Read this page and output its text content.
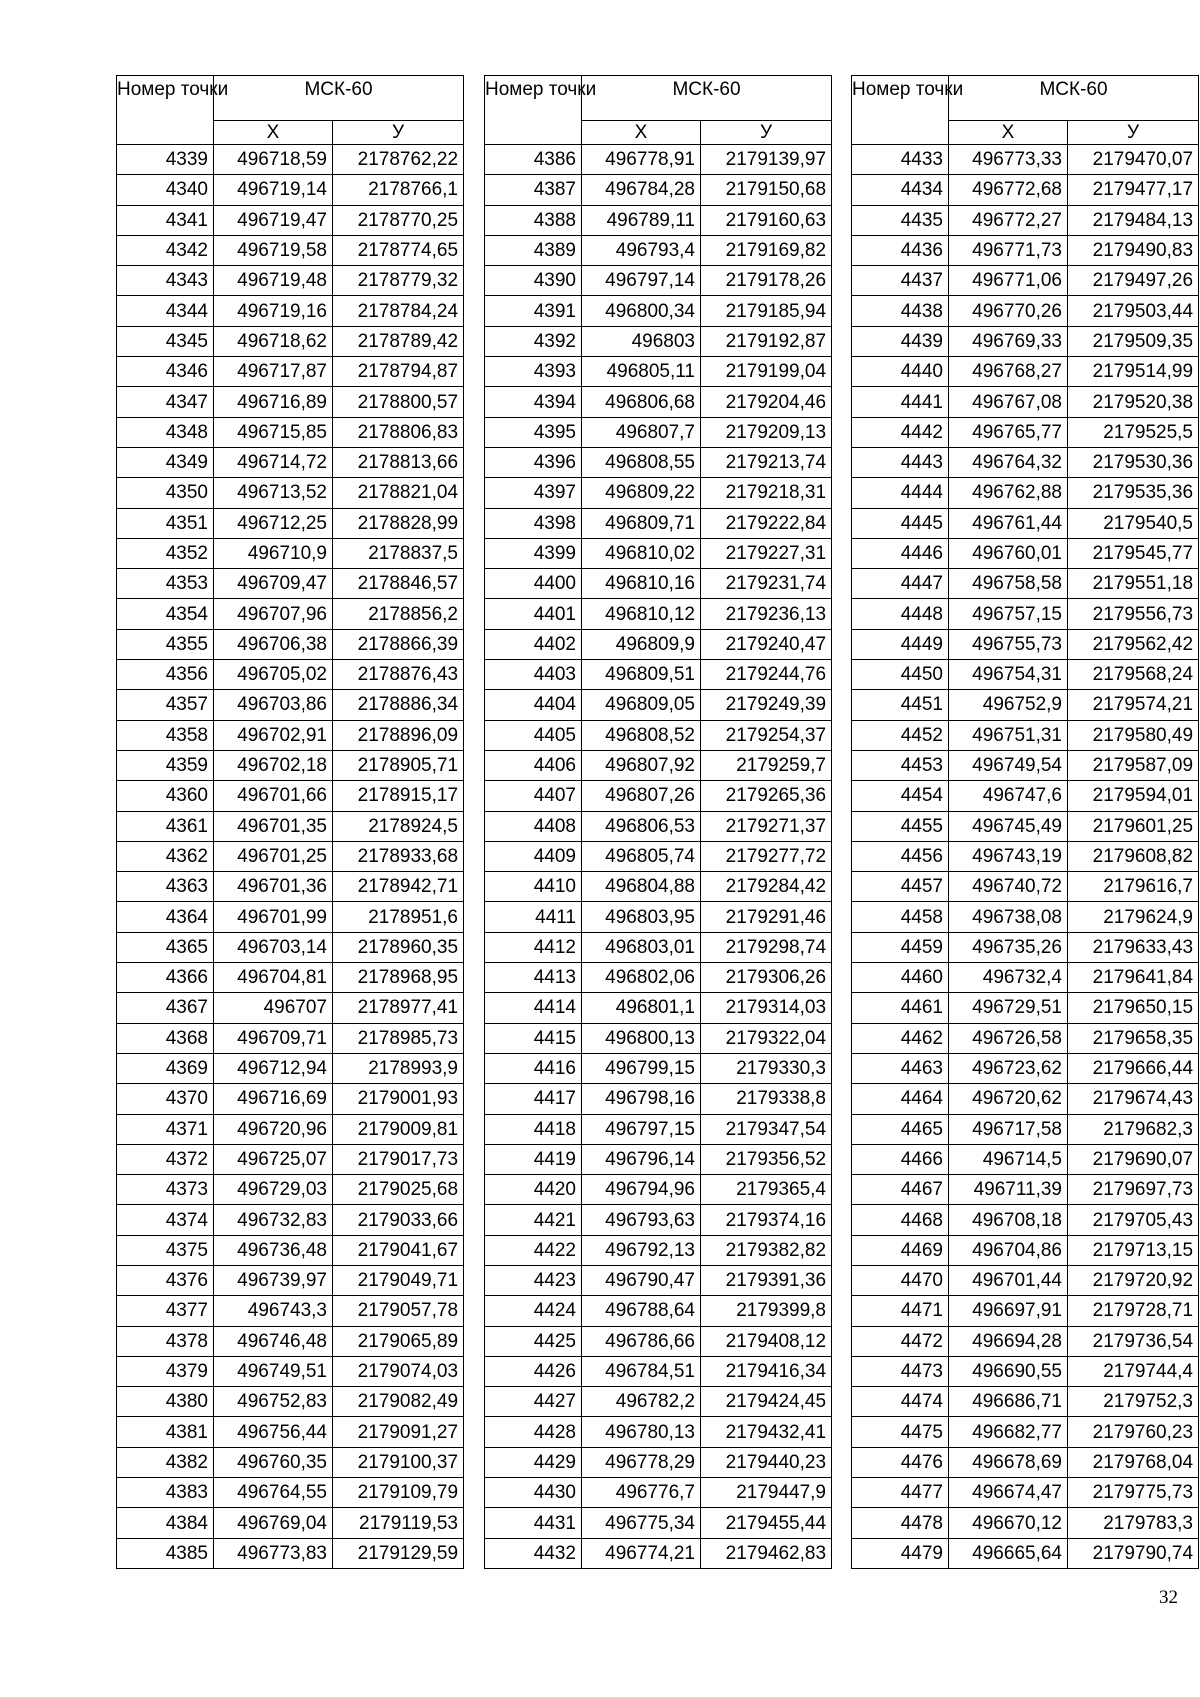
Номер точки	МСК-60	
	Х	У
4339	496718,59	2178762,22
4340	496719,14	2178766,1
4341	496719,47	2178770,25
4342	496719,58	2178774,65
4343	496719,48	2178779,32
4344	496719,16	2178784,24
4345	496718,62	2178789,42
4346	496717,87	2178794,87
4347	496716,89	2178800,57
4348	496715,85	2178806,83
4349	496714,72	2178813,66
4350	496713,52	2178821,04
4351	496712,25	2178828,99
4352	496710,9	2178837,5
4353	496709,47	2178846,57
4354	496707,96	2178856,2
4355	496706,38	2178866,39
4356	496705,02	2178876,43
4357	496703,86	2178886,34
4358	496702,91	2178896,09
4359	496702,18	2178905,71
4360	496701,66	2178915,17
4361	496701,35	2178924,5
4362	496701,25	2178933,68
4363	496701,36	2178942,71
4364	496701,99	2178951,6
4365	496703,14	2178960,35
4366	496704,81	2178968,95
4367	496707	2178977,41
4368	496709,71	2178985,73
4369	496712,94	2178993,9
4370	496716,69	2179001,93
4371	496720,96	2179009,81
4372	496725,07	2179017,73
4373	496729,03	2179025,68
4374	496732,83	2179033,66
4375	496736,48	2179041,67
4376	496739,97	2179049,71
4377	496743,3	2179057,78
4378	496746,48	2179065,89
4379	496749,51	2179074,03
4380	496752,83	2179082,49
4381	496756,44	2179091,27
4382	496760,35	2179100,37
4383	496764,55	2179109,79
4384	496769,04	2179119,53
4385	496773,83	2179129,59
Номер точки	МСК-60	
	Х	У
4386	496778,91	2179139,97
4387	496784,28	2179150,68
4388	496789,11	2179160,63
4389	496793,4	2179169,82
4390	496797,14	2179178,26
4391	496800,34	2179185,94
4392	496803	2179192,87
4393	496805,11	2179199,04
4394	496806,68	2179204,46
4395	496807,7	2179209,13
4396	496808,55	2179213,74
4397	496809,22	2179218,31
4398	496809,71	2179222,84
4399	496810,02	2179227,31
4400	496810,16	2179231,74
4401	496810,12	2179236,13
4402	496809,9	2179240,47
4403	496809,51	2179244,76
4404	496809,05	2179249,39
4405	496808,52	2179254,37
4406	496807,92	2179259,7
4407	496807,26	2179265,36
4408	496806,53	2179271,37
4409	496805,74	2179277,72
4410	496804,88	2179284,42
4411	496803,95	2179291,46
4412	496803,01	2179298,74
4413	496802,06	2179306,26
4414	496801,1	2179314,03
4415	496800,13	2179322,04
4416	496799,15	2179330,3
4417	496798,16	2179338,8
4418	496797,15	2179347,54
4419	496796,14	2179356,52
4420	496794,96	2179365,4
4421	496793,63	2179374,16
4422	496792,13	2179382,82
4423	496790,47	2179391,36
4424	496788,64	2179399,8
4425	496786,66	2179408,12
4426	496784,51	2179416,34
4427	496782,2	2179424,45
4428	496780,13	2179432,41
4429	496778,29	2179440,23
4430	496776,7	2179447,9
4431	496775,34	2179455,44
4432	496774,21	2179462,83
Номер точки	МСК-60	
	Х	У
4433	496773,33	2179470,07
4434	496772,68	2179477,17
4435	496772,27	2179484,13
4436	496771,73	2179490,83
4437	496771,06	2179497,26
4438	496770,26	2179503,44
4439	496769,33	2179509,35
4440	496768,27	2179514,99
4441	496767,08	2179520,38
4442	496765,77	2179525,5
4443	496764,32	2179530,36
4444	496762,88	2179535,36
4445	496761,44	2179540,5
4446	496760,01	2179545,77
4447	496758,58	2179551,18
4448	496757,15	2179556,73
4449	496755,73	2179562,42
4450	496754,31	2179568,24
4451	496752,9	2179574,21
4452	496751,31	2179580,49
4453	496749,54	2179587,09
4454	496747,6	2179594,01
4455	496745,49	2179601,25
4456	496743,19	2179608,82
4457	496740,72	2179616,7
4458	496738,08	2179624,9
4459	496735,26	2179633,43
4460	496732,4	2179641,84
4461	496729,51	2179650,15
4462	496726,58	2179658,35
4463	496723,62	2179666,44
4464	496720,62	2179674,43
4465	496717,58	2179682,3
4466	496714,5	2179690,07
4467	496711,39	2179697,73
4468	496708,18	2179705,43
4469	496704,86	2179713,15
4470	496701,44	2179720,92
4471	496697,91	2179728,71
4472	496694,28	2179736,54
4473	496690,55	2179744,4
4474	496686,71	2179752,3
4475	496682,77	2179760,23
4476	496678,69	2179768,04
4477	496674,47	2179775,73
4478	496670,12	2179783,3
4479	496665,64	2179790,74
32
